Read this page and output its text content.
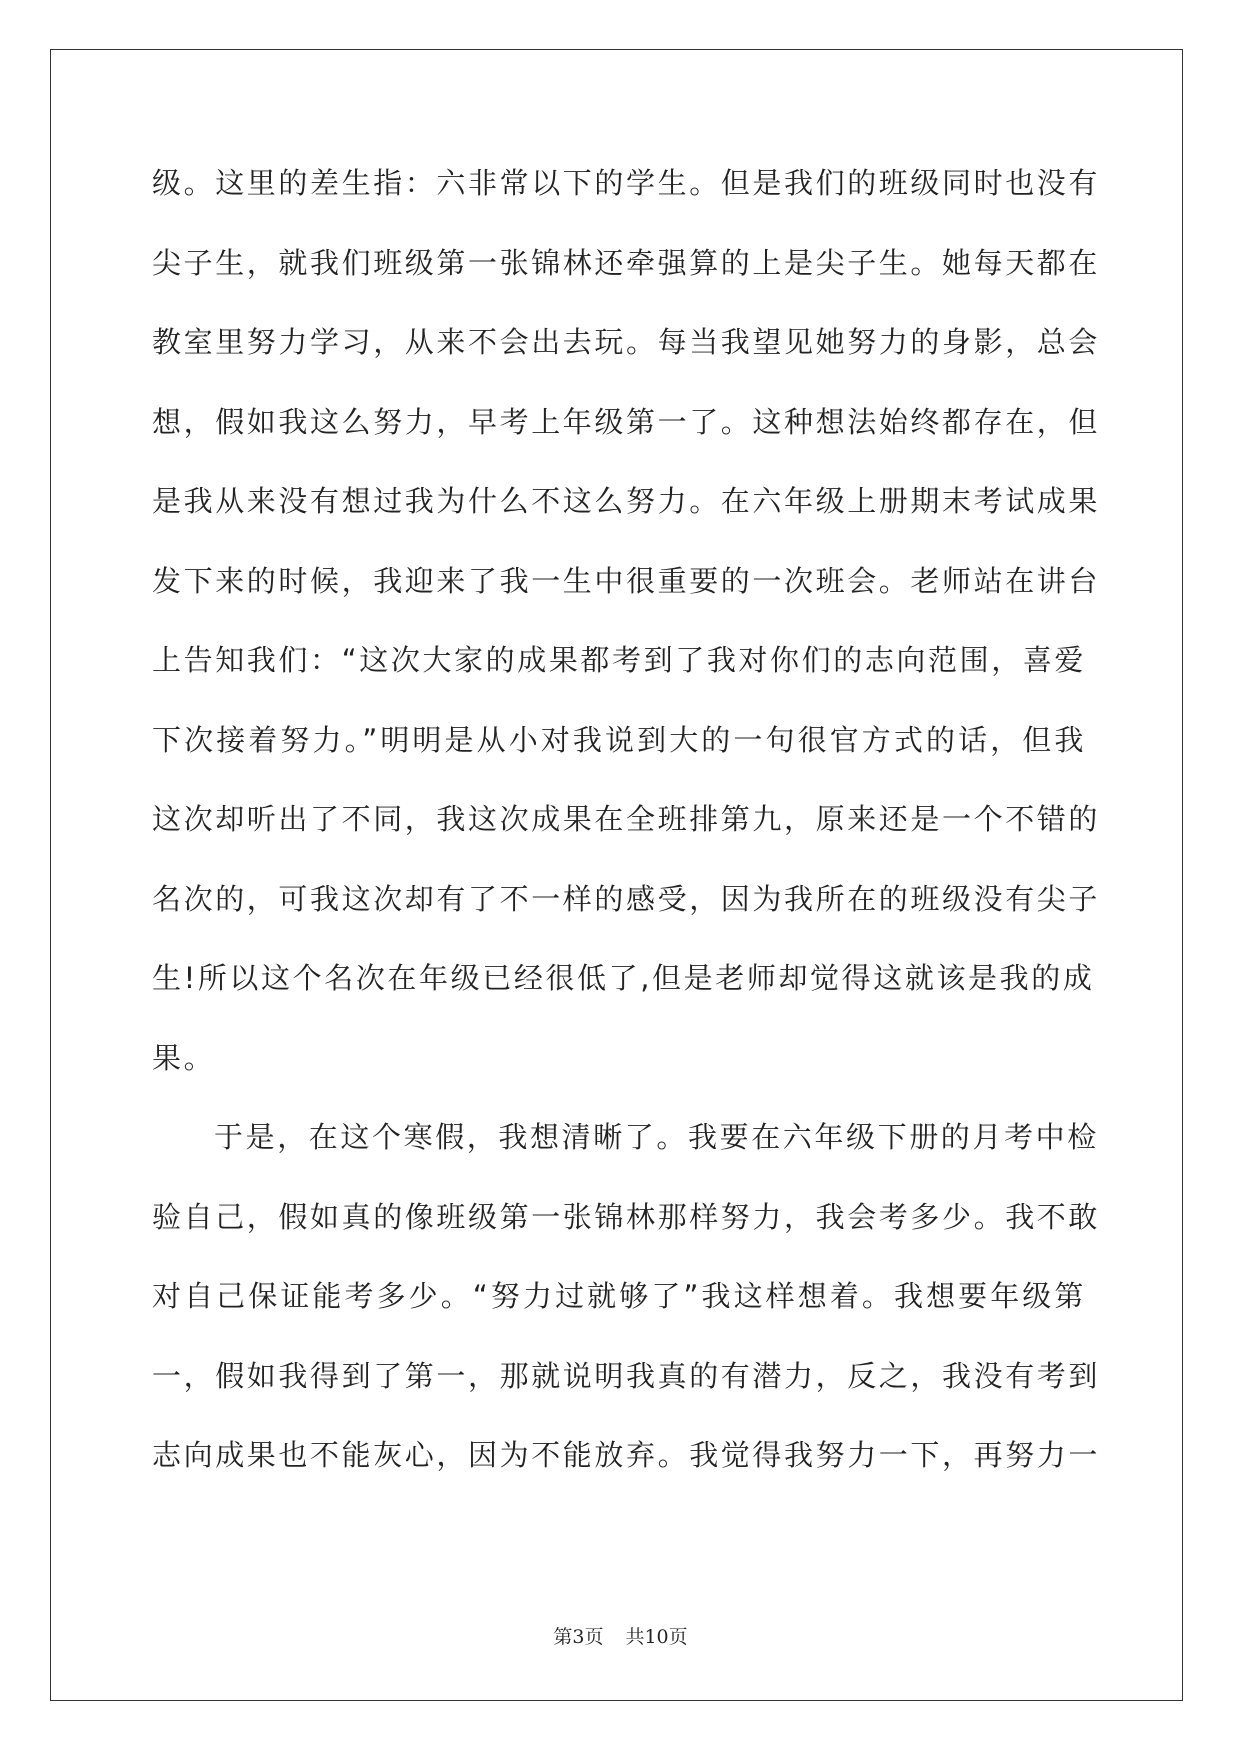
级。这里的差生指：六非常以下的学生。但是我们的班级同时也没有
尖子生，就我们班级第一张锦林还牵强算的上是尖子生。她每天都在
教室里努力学习，从来不会出去玩。每当我望见她努力的身影，总会
想，假如我这么努力，早考上年级第一了。这种想法始终都存在，但
是我从来没有想过我为什么不这么努力。在六年级上册期末考试成果
发下来的时候，我迎来了我一生中很重要的一次班会。老师站在讲台
上告知我们：“这次大家的成果都考到了我对你们的志向范围，喜爱
下次接着努力。”明明是从小对我说到大的一句很官方式的话，但我
这次却听出了不同，我这次成果在全班排第九，原来还是一个不错的
名次的，可我这次却有了不一样的感受，因为我所在的班级没有尖子
生!所以这个名次在年级已经很低了,但是老师却觉得这就该是我的成
果。
于是，在这个寒假，我想清晰了。我要在六年级下册的月考中检
验自己，假如真的像班级第一张锦林那样努力，我会考多少。我不敢
对自己保证能考多少。“努力过就够了”我这样想着。我想要年级第
一，假如我得到了第一，那就说明我真的有潜力，反之，我没有考到
志向成果也不能灰心，因为不能放弃。我觉得我努力一下，再努力一
第3页 共10页
